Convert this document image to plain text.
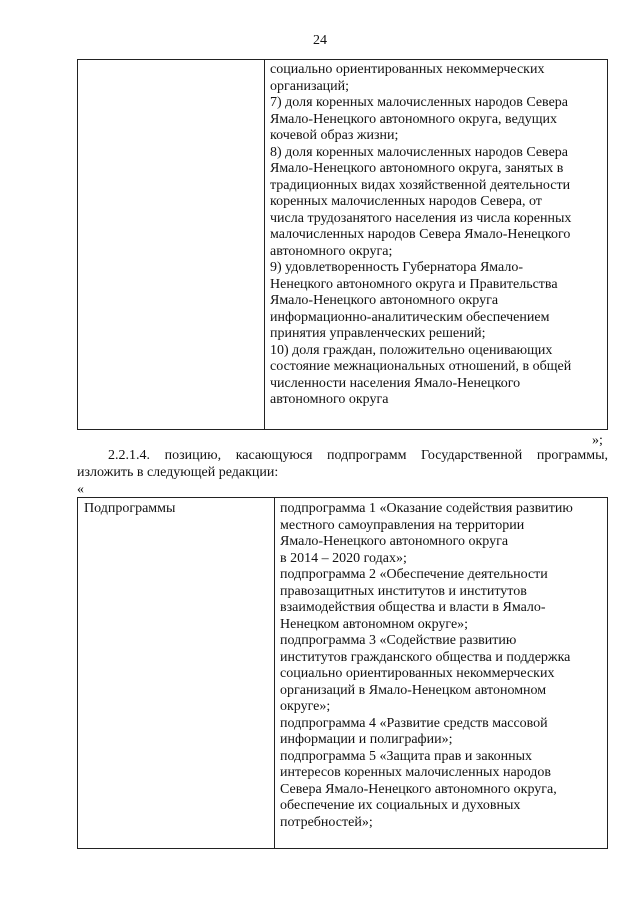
24

социально ориентированных некоммерческих
организаций;
7) доля коренных малочисленных народов Севера
Ямало-Ненецкого автономного округа, ведущих
кочевой образ жизни;
8) доля коренных малочисленных народов Севера
Ямало-Ненецкого автономного округа, занятых в
традиционных видах хозяйственной деятельности
коренных малочисленных народов Севера, от
числа трудозанятого населения из числа коренных
малочисленных народов Севера Ямало-Ненецкого
автономного округа;
9) удовлетворенность Губернатора Ямало-
Ненецкого автономного округа и Правительства
Ямало-Ненецкого автономного округа
информационно-аналитическим обеспечением
принятия управленческих решений;
10) доля граждан, положительно оценивающих
состояние межнациональных отношений, в общей
численности населения Ямало-Ненецкого
автономного округа
»;
2.2.1.4. позицию, касающуюся подпрограмм Государственной программы,
изложить в следующей редакции:
«
Подпрограммы	подпрограмма 1 «Оказание содействия развитию
местного самоуправления на территории
Ямало-Ненецкого автономного округа
в 2014 – 2020 годах»;
подпрограмма 2 «Обеспечение деятельности
правозащитных институтов и институтов
взаимодействия общества и власти в Ямало-
Ненецком автономном округе»;
подпрограмма 3 «Содействие развитию
институтов гражданского общества и поддержка
социально ориентированных некоммерческих
организаций в Ямало-Ненецком автономном
округе»;
подпрограмма 4 «Развитие средств массовой
информации и полиграфии»;
подпрограмма 5 «Защита прав и законных
интересов коренных малочисленных народов
Севера Ямало-Ненецкого автономного округа,
обеспечение их социальных и духовных
потребностей»;
